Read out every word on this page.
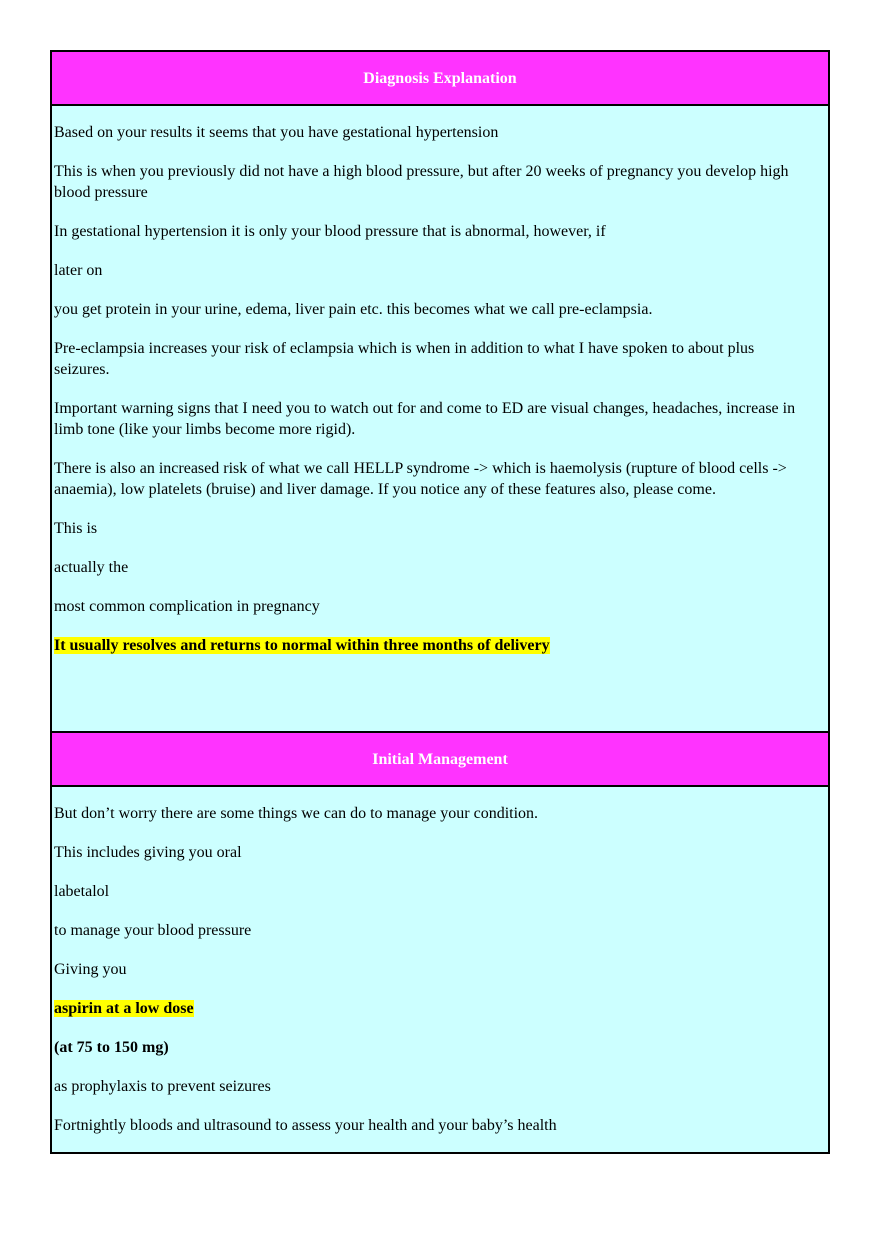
Diagnosis Explanation

Based on your results it seems that you have gestational hypertension

This is when you previously did not have a high blood pressure, but after 20 weeks of pregnancy you develop high blood pressure

In gestational hypertension it is only your blood pressure that is abnormal, however, if

later on

you get protein in your urine, edema, liver pain etc. this becomes what we call pre-eclampsia.

Pre-eclampsia increases your risk of eclampsia which is when in addition to what I have spoken to about plus seizures.

Important warning signs that I need you to watch out for and come to ED are visual changes, headaches, increase in limb tone (like your limbs become more rigid).

There is also an increased risk of what we call HELLP syndrome -> which is haemolysis (rupture of blood cells -> anaemia), low platelets (bruise) and liver damage. If you notice any of these features also, please come.

This is

actually the

most common complication in pregnancy

It usually resolves and returns to normal within three months of delivery

Initial Management

But don’t worry there are some things we can do to manage your condition.

This includes giving you oral

labetalol

to manage your blood pressure

Giving you

aspirin at a low dose

(at 75 to 150 mg)

as prophylaxis to prevent seizures

Fortnightly bloods and ultrasound to assess your health and your baby’s health
